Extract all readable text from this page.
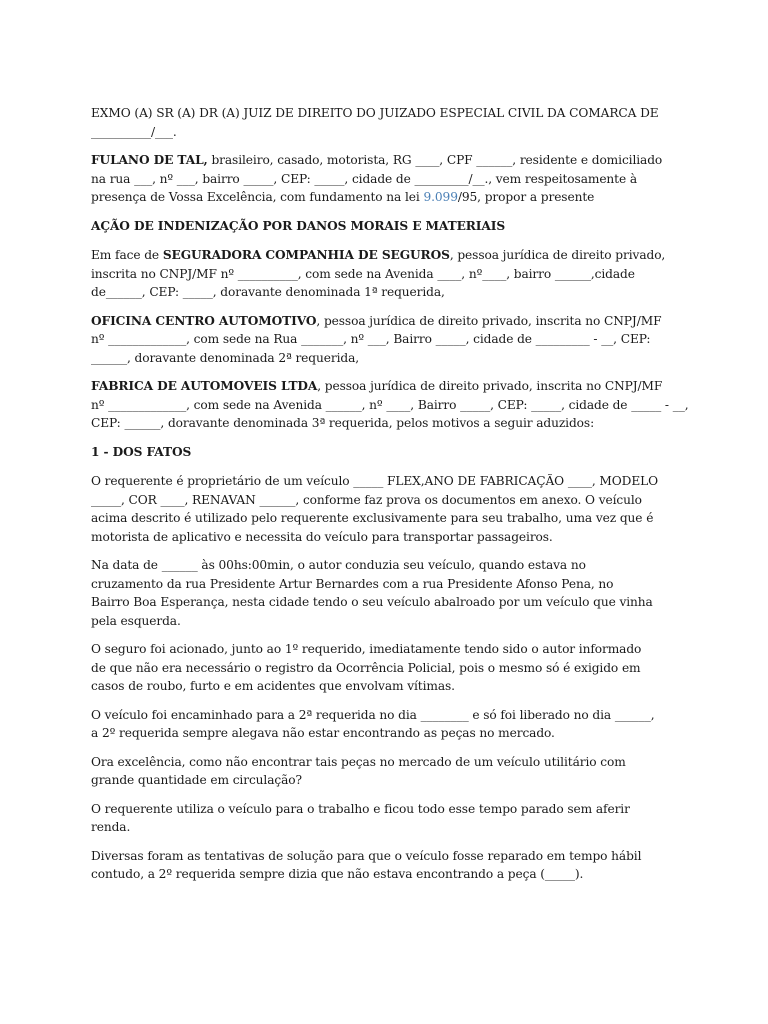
EXMO (A) SR (A) DR (A) JUIZ DE DIREITO DO JUIZADO ESPECIAL CIVIL DA COMARCA DE
__________/___.

FULANO DE TAL, brasileiro, casado, motorista, RG ____, CPF ______, residente e domiciliado
na rua ___, nº ___, bairro _____, CEP: _____, cidade de _________/__., vem respeitosamente à
presença de Vossa Excelência, com fundamento na lei 9.099/95, propor a presente

AÇÃO DE INDENIZAÇÃO POR DANOS MORAIS E MATERIAIS

Em face de SEGURADORA COMPANHIA DE SEGUROS, pessoa jurídica de direito privado,
inscrita no CNPJ/MF nº __________, com sede na Avenida ____, nº____, bairro ______,cidade
de______, CEP: _____, doravante denominada 1ª requerida,

OFICINA CENTRO AUTOMOTIVO, pessoa jurídica de direito privado, inscrita no CNPJ/MF
nº _____________, com sede na Rua _______, nº ___, Bairro _____, cidade de _________ - __, CEP:
______, doravante denominada 2ª requerida,

FABRICA DE AUTOMOVEIS LTDA, pessoa jurídica de direito privado, inscrita no CNPJ/MF
nº _____________, com sede na Avenida ______, nº ____, Bairro _____, CEP: _____, cidade de _____ - __,
CEP: ______, doravante denominada 3ª requerida, pelos motivos a seguir aduzidos:

1 - DOS FATOS

O requerente é proprietário de um veículo _____ FLEX,ANO DE FABRICAÇÃO ____, MODELO
_____, COR ____, RENAVAN ______, conforme faz prova os documentos em anexo. O veículo
acima descrito é utilizado pelo requerente exclusivamente para seu trabalho, uma vez que é
motorista de aplicativo e necessita do veículo para transportar passageiros.

Na data de ______ às 00hs:00min, o autor conduzia seu veículo, quando estava no
cruzamento da rua Presidente Artur Bernardes com a rua Presidente Afonso Pena, no
Bairro Boa Esperança, nesta cidade tendo o seu veículo abalroado por um veículo que vinha
pela esquerda.

O seguro foi acionado, junto ao 1º requerido, imediatamente tendo sido o autor informado
de que não era necessário o registro da Ocorrência Policial, pois o mesmo só é exigido em
casos de roubo, furto e em acidentes que envolvam vítimas.

O veículo foi encaminhado para a 2ª requerida no dia ________ e só foi liberado no dia ______,
a 2º requerida sempre alegava não estar encontrando as peças no mercado.

Ora excelência, como não encontrar tais peças no mercado de um veículo utilitário com
grande quantidade em circulação?

O requerente utiliza o veículo para o trabalho e ficou todo esse tempo parado sem aferir
renda.

Diversas foram as tentativas de solução para que o veículo fosse reparado em tempo hábil
contudo, a 2º requerida sempre dizia que não estava encontrando a peça (_____).
